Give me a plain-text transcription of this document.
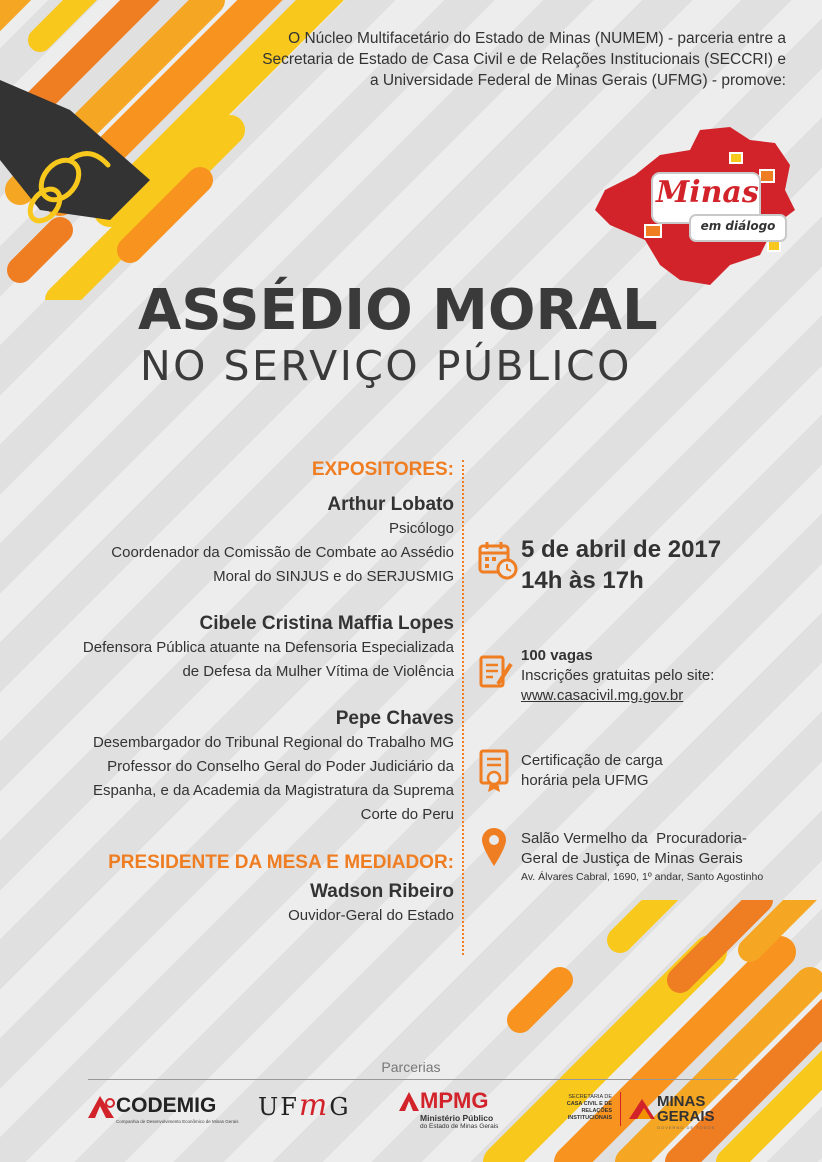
O Núcleo Multifacetário do Estado de Minas (NUMEM) - parceria entre a
Secretaria de Estado de Casa Civil e de Relações Institucionais (SECCRI) e
a Universidade Federal de Minas Gerais (UFMG) - promove:
Minas
em diálogo
ASSÉDIO MORAL
NO SERVIÇO PÚBLICO
EXPOSITORES:
Arthur Lobato
Psicólogo
Coordenador da Comissão de Combate ao Assédio
Moral do SINJUS e do SERJUSMIG
Cibele Cristina Maffia Lopes
Defensora Pública atuante na Defensoria Especializada
de Defesa da Mulher Vítima de Violência
Pepe Chaves
Desembargador do Tribunal Regional do Trabalho MG
Professor do Conselho Geral do Poder Judiciário da
Espanha, e da Academia da Magistratura da Suprema
Corte do Peru
PRESIDENTE DA MESA E MEDIADOR:
Wadson Ribeiro
Ouvidor-Geral do Estado
5 de abril de 2017
14h às 17h
100 vagas
Inscrições gratuitas pelo site:
www.casacivil.mg.gov.br
Certificação de carga
horária pela UFMG
Salão Vermelho da  Procuradoria-
Geral de Justiça de Minas Gerais
Av. Álvares Cabral, 1690, 1º andar, Santo Agostinho
Parcerias
CODEMIG
Companhia de Desenvolvimento Econômico de Minas Gerais
UFmG	MPMG
Ministério Público
do Estado de Minas Gerais
SECRETARIA DE
CASA CIVIL E DE
RELAÇÕES INSTITUCIONAIS
MINAS
GERAIS
GOVERNO DE TODOS
